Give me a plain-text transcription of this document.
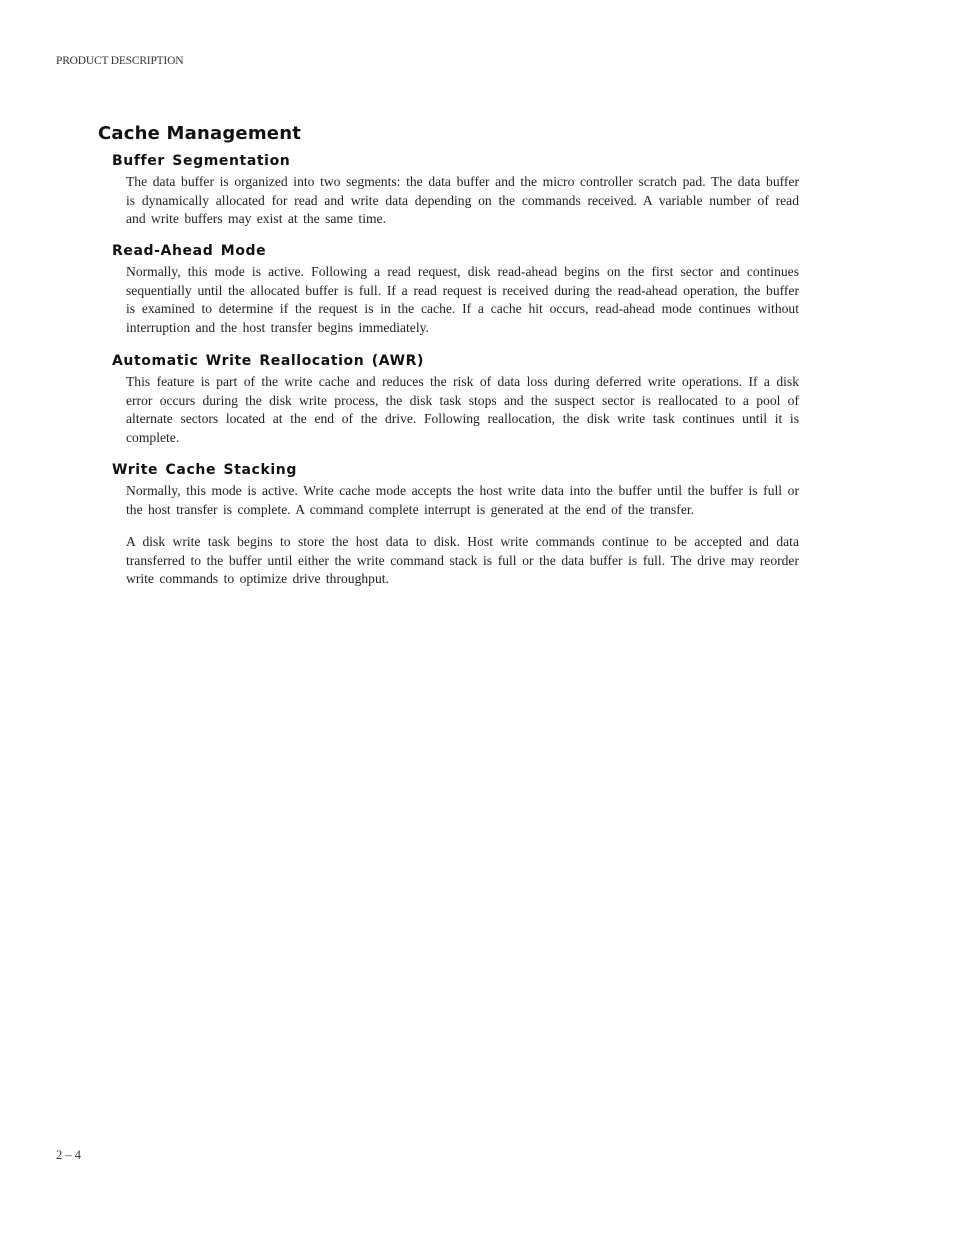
PRODUCT DESCRIPTION
Cache Management
Buffer Segmentation

The data buffer is organized into two segments: the data buffer and the micro controller scratch pad. The data buffer is dynamically allocated for read and write data depending on the commands received. A variable number of read and write buffers may exist at the same time.

Read-Ahead Mode

Normally, this mode is active. Following a read request, disk read-ahead begins on the first sector and continues sequentially until the allocated buffer is full. If a read request is received during the read-ahead operation, the buffer is examined to determine if the request is in the cache. If a cache hit occurs, read-ahead mode continues without interruption and the host transfer begins immediately.

Automatic Write Reallocation (AWR)

This feature is part of the write cache and reduces the risk of data loss during deferred write operations. If a disk error occurs during the disk write process, the disk task stops and the suspect sector is reallocated to a pool of alternate sectors located at the end of the drive. Following reallocation, the disk write task continues until it is complete.

Write Cache Stacking

Normally, this mode is active. Write cache mode accepts the host write data into the buffer until the buffer is full or the host transfer is complete. A command complete interrupt is generated at the end of the transfer.

A disk write task begins to store the host data to disk. Host write commands continue to be accepted and data transferred to the buffer until either the write command stack is full or the data buffer is full. The drive may reorder write commands to optimize drive throughput.

2 – 4
